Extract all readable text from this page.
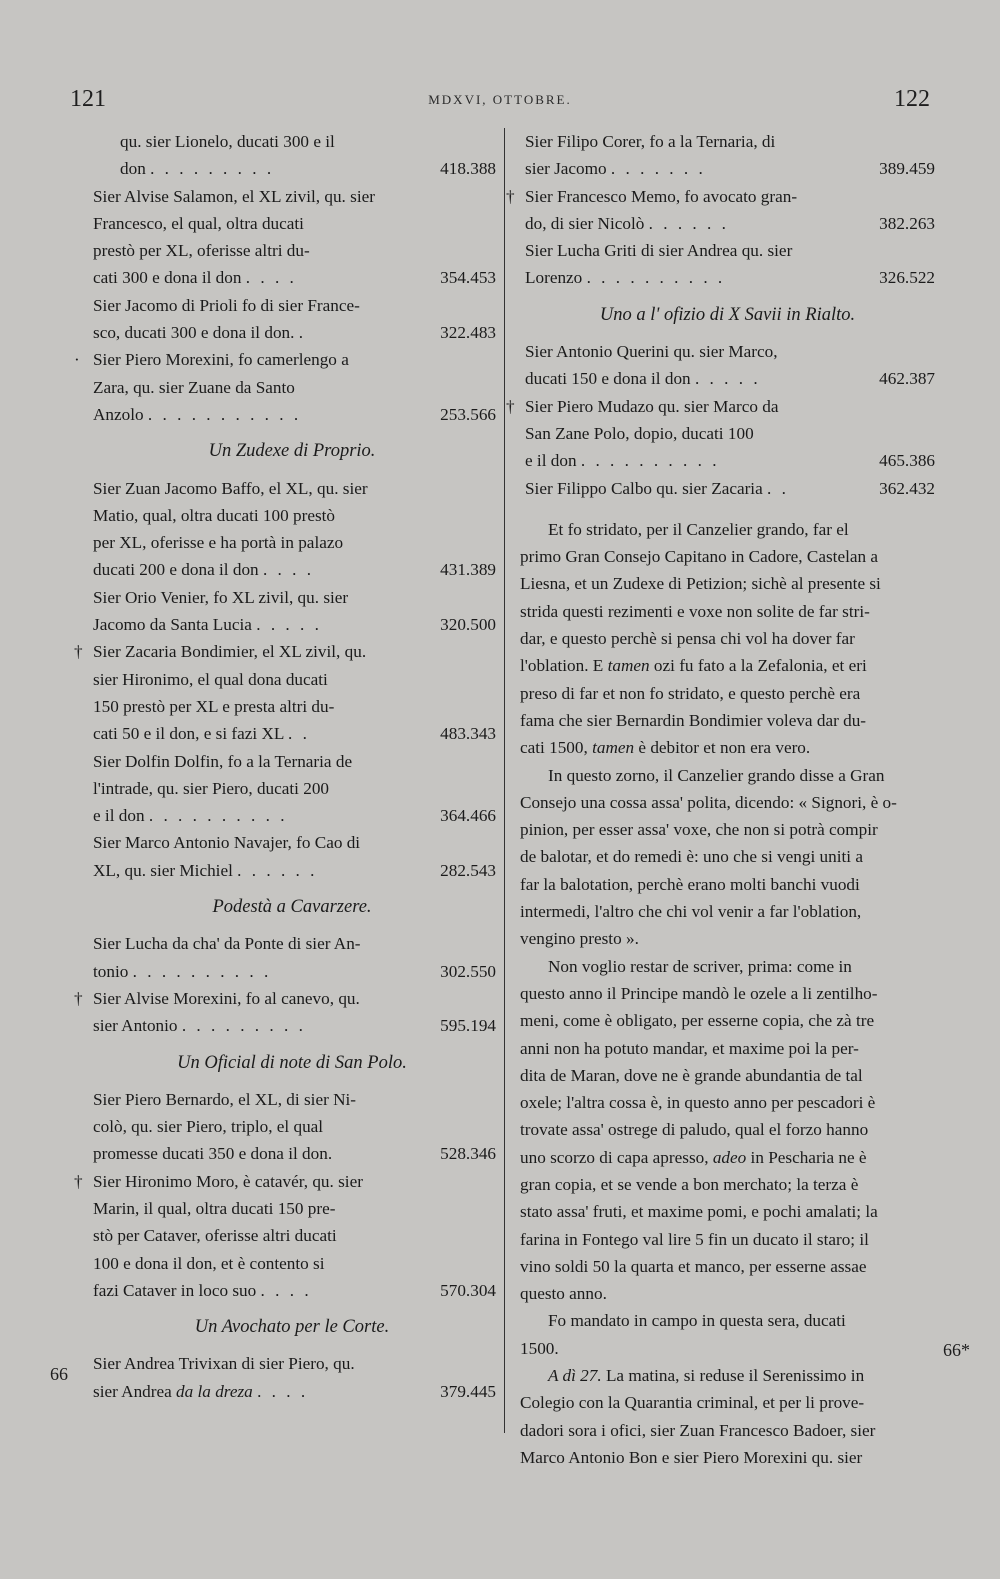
121	MDXVI, OTTOBRE.	122
66
66*
qu. sier Lionelo, ducati 300 e il
don . . . . . . . . .	418.388
Sier Alvise Salamon, el XL zivil, qu. sier
Francesco, el qual, oltra ducati
prestò per XL, oferisse altri du-
cati 300 e dona il don . . . .	354.453
Sier Jacomo di Prioli fo di sier France-
sco, ducati 300 e dona il don. .	322.483
· Sier Piero Morexini, fo camerlengo a
Zara, qu. sier Zuane da Santo
Anzolo . . . . . . . . . . .	253.566
Un Zudexe di Proprio.
Sier Zuan Jacomo Baffo, el XL, qu. sier
Matio, qual, oltra ducati 100 prestò
per XL, oferisse e ha portà in palazo
ducati 200 e dona il don . . . .	431.389
Sier Orio Venier, fo XL zivil, qu. sier
Jacomo da Santa Lucia . . . . .	320.500
† Sier Zacaria Bondimier, el XL zivil, qu.
sier Hironimo, el qual dona ducati
150 prestò per XL e presta altri du-
cati 50 e il don, e si fazi XL . .	483.343
Sier Dolfin Dolfin, fo a la Ternaria de
l'intrade, qu. sier Piero, ducati 200
e il don . . . . . . . . . .	364.466
Sier Marco Antonio Navajer, fo Cao di
XL, qu. sier Michiel . . . . . .	282.543
Podestà a Cavarzere.
Sier Lucha da cha' da Ponte di sier An-
tonio . . . . . . . . . .	302.550
† Sier Alvise Morexini, fo al canevo, qu.
sier Antonio . . . . . . . . .	595.194
Un Oficial di note di San Polo.
Sier Piero Bernardo, el XL, di sier Ni-
colò, qu. sier Piero, triplo, el qual
promesse ducati 350 e dona il don.	528.346
† Sier Hironimo Moro, è catavér, qu. sier
Marin, il qual, oltra ducati 150 pre-
stò per Cataver, oferisse altri ducati
100 e dona il don, et è contento si
fazi Cataver in loco suo . . . .	570.304
Un Avochato per le Corte.
Sier Andrea Trivixan di sier Piero, qu.
sier Andrea da la dreza . . . .	379.445
Sier Filipo Corer, fo a la Ternaria, di
sier Jacomo . . . . . . .	389.459
† Sier Francesco Memo, fo avocato gran-
do, di sier Nicolò . . . . . .	382.263
Sier Lucha Griti di sier Andrea qu. sier
Lorenzo . . . . . . . . . .	326.522
Uno a l' ofizio di X Savii in Rialto.
Sier Antonio Querini qu. sier Marco,
ducati 150 e dona il don . . . . .	462.387
† Sier Piero Mudazo qu. sier Marco da
San Zane Polo, dopio, ducati 100
e il don . . . . . . . . . .	465.386
Sier Filippo Calbo qu. sier Zacaria . .	362.432
Et fo stridato, per il Canzelier grando, far el
primo Gran Consejo Capitano in Cadore, Castelan a
Liesna, et un Zudexe di Petizion; sichè al presente si
strida questi rezimenti e voxe non solite de far stri-
dar, e questo perchè si pensa chi vol ha dover far
l'oblation. E tamen ozi fu fato a la Zefalonia, et eri
preso di far et non fo stridato, e questo perchè era
fama che sier Bernardin Bondimier voleva dar du-
cati 1500, tamen è debitor et non era vero.
In questo zorno, il Canzelier grando disse a Gran
Consejo una cossa assa' polita, dicendo: « Signori, è o-
pinion, per esser assa' voxe, che non si potrà compir
de balotar, et do remedi è: uno che si vengi uniti a
far la balotation, perchè erano molti banchi vuodi
intermedi, l'altro che chi vol venir a far l'oblation,
vengino presto ».
Non voglio restar de scriver, prima: come in
questo anno il Principe mandò le ozele a li zentilho-
meni, come è obligato, per esserne copia, che zà tre
anni non ha potuto mandar, et maxime poi la per-
dita de Maran, dove ne è grande abundantia de tal
oxele; l'altra cossa è, in questo anno per pescadori è
trovate assa' ostrege di paludo, qual el forzo hanno
uno scorzo di capa apresso, adeo in Pescharia ne è
gran copia, et se vende a bon merchato; la terza è
stato assa' fruti, et maxime pomi, e pochi amalati; la
farina in Fontego val lire 5 fin un ducato il staro; il
vino soldi 50 la quarta et manco, per esserne assae
questo anno.
Fo mandato in campo in questa sera, ducati
1500.
A dì 27. La matina, si reduse il Serenissimo in
Colegio con la Quarantia criminal, et per li prove-
dadori sora i ofici, sier Zuan Francesco Badoer, sier
Marco Antonio Bon e sier Piero Morexini qu. sier
